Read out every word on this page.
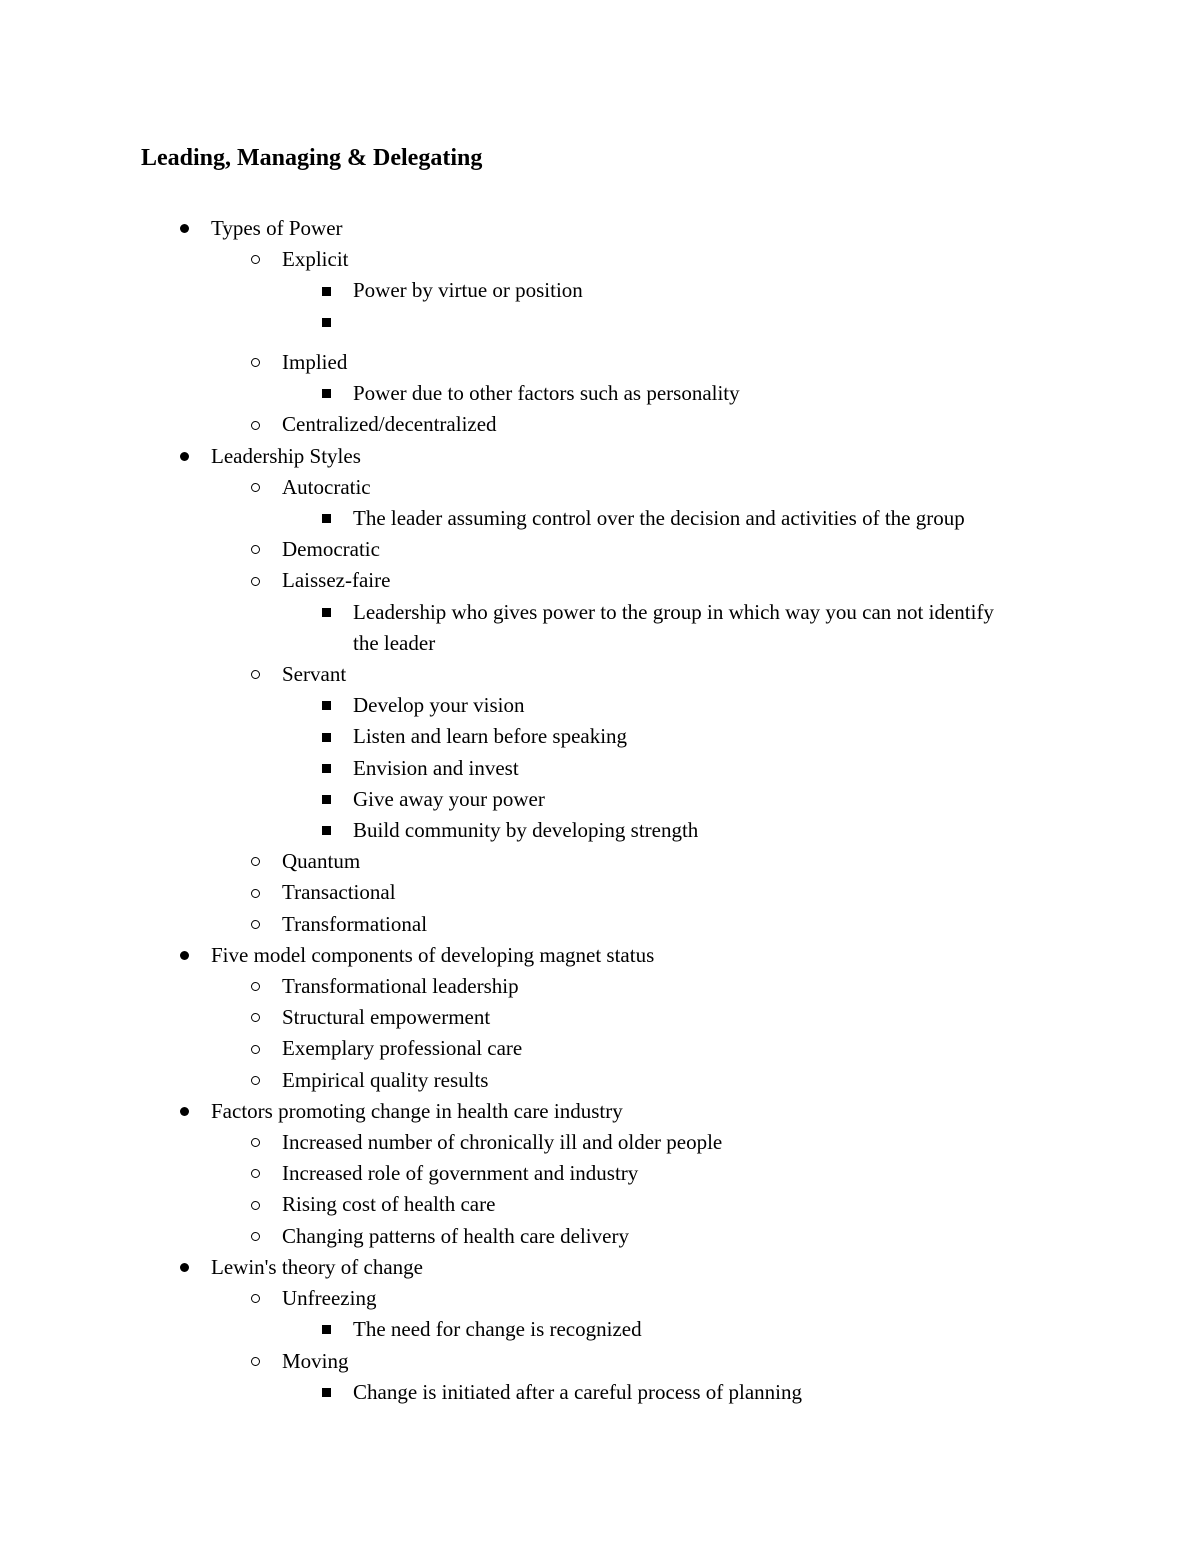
Leading, Managing & Delegating
Types of Power
Explicit
Power by virtue or position
Implied
Power due to other factors such as personality
Centralized/decentralized
Leadership Styles
Autocratic
The leader assuming control over the decision and activities of the group
Democratic
Laissez-faire
Leadership who gives power to the group in which way you can not identify the leader
Servant
Develop your vision
Listen and learn before speaking
Envision and invest
Give away your power
Build community by developing strength
Quantum
Transactional
Transformational
Five model components of developing magnet status
Transformational leadership
Structural empowerment
Exemplary professional care
Empirical quality results
Factors promoting change in health care industry
Increased number of chronically ill and older people
Increased role of government and industry
Rising cost of health care
Changing patterns of health care delivery
Lewin's theory of change
Unfreezing
The need for change is recognized
Moving
Change is initiated after a careful process of planning
